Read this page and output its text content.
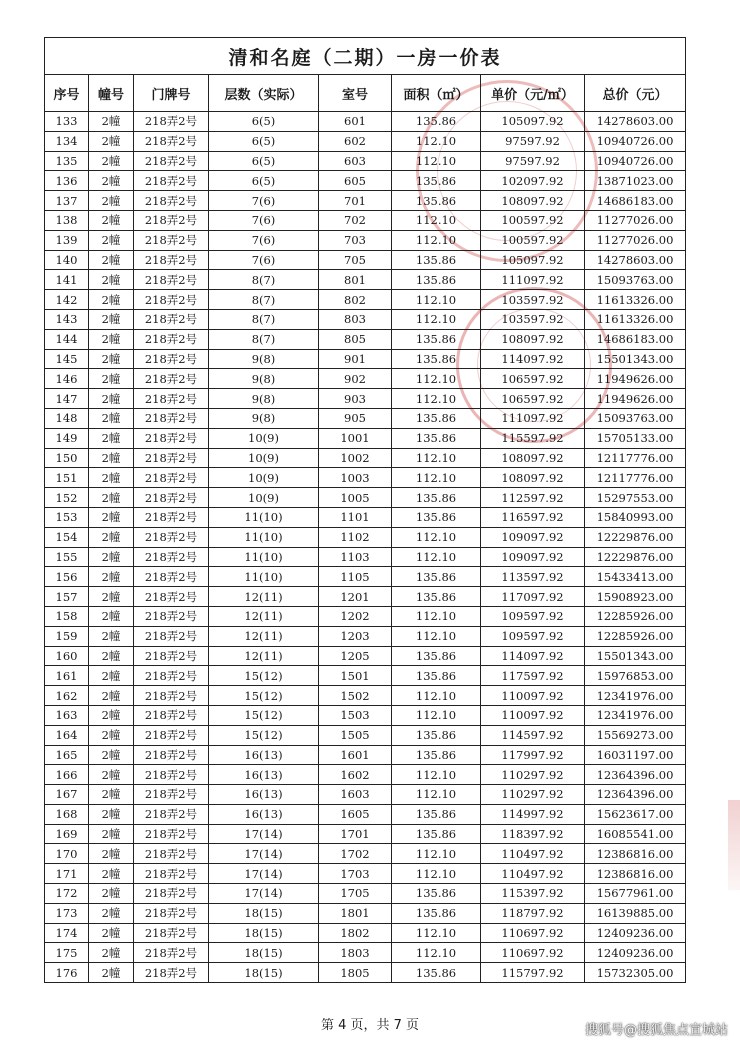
清和名庭（二期）一房一价表							
序号	幢号	门牌号	层数（实际）	室号	面积（㎡）	单价（元/㎡）	总价（元）
133	2幢	218弄2号	6(5)	601	135.86	105097.92	14278603.00
134	2幢	218弄2号	6(5)	602	112.10	97597.92	10940726.00
135	2幢	218弄2号	6(5)	603	112.10	97597.92	10940726.00
136	2幢	218弄2号	6(5)	605	135.86	102097.92	13871023.00
137	2幢	218弄2号	7(6)	701	135.86	108097.92	14686183.00
138	2幢	218弄2号	7(6)	702	112.10	100597.92	11277026.00
139	2幢	218弄2号	7(6)	703	112.10	100597.92	11277026.00
140	2幢	218弄2号	7(6)	705	135.86	105097.92	14278603.00
141	2幢	218弄2号	8(7)	801	135.86	111097.92	15093763.00
142	2幢	218弄2号	8(7)	802	112.10	103597.92	11613326.00
143	2幢	218弄2号	8(7)	803	112.10	103597.92	11613326.00
144	2幢	218弄2号	8(7)	805	135.86	108097.92	14686183.00
145	2幢	218弄2号	9(8)	901	135.86	114097.92	15501343.00
146	2幢	218弄2号	9(8)	902	112.10	106597.92	11949626.00
147	2幢	218弄2号	9(8)	903	112.10	106597.92	11949626.00
148	2幢	218弄2号	9(8)	905	135.86	111097.92	15093763.00
149	2幢	218弄2号	10(9)	1001	135.86	115597.92	15705133.00
150	2幢	218弄2号	10(9)	1002	112.10	108097.92	12117776.00
151	2幢	218弄2号	10(9)	1003	112.10	108097.92	12117776.00
152	2幢	218弄2号	10(9)	1005	135.86	112597.92	15297553.00
153	2幢	218弄2号	11(10)	1101	135.86	116597.92	15840993.00
154	2幢	218弄2号	11(10)	1102	112.10	109097.92	12229876.00
155	2幢	218弄2号	11(10)	1103	112.10	109097.92	12229876.00
156	2幢	218弄2号	11(10)	1105	135.86	113597.92	15433413.00
157	2幢	218弄2号	12(11)	1201	135.86	117097.92	15908923.00
158	2幢	218弄2号	12(11)	1202	112.10	109597.92	12285926.00
159	2幢	218弄2号	12(11)	1203	112.10	109597.92	12285926.00
160	2幢	218弄2号	12(11)	1205	135.86	114097.92	15501343.00
161	2幢	218弄2号	15(12)	1501	135.86	117597.92	15976853.00
162	2幢	218弄2号	15(12)	1502	112.10	110097.92	12341976.00
163	2幢	218弄2号	15(12)	1503	112.10	110097.92	12341976.00
164	2幢	218弄2号	15(12)	1505	135.86	114597.92	15569273.00
165	2幢	218弄2号	16(13)	1601	135.86	117997.92	16031197.00
166	2幢	218弄2号	16(13)	1602	112.10	110297.92	12364396.00
167	2幢	218弄2号	16(13)	1603	112.10	110297.92	12364396.00
168	2幢	218弄2号	16(13)	1605	135.86	114997.92	15623617.00
169	2幢	218弄2号	17(14)	1701	135.86	118397.92	16085541.00
170	2幢	218弄2号	17(14)	1702	112.10	110497.92	12386816.00
171	2幢	218弄2号	17(14)	1703	112.10	110497.92	12386816.00
172	2幢	218弄2号	17(14)	1705	135.86	115397.92	15677961.00
173	2幢	218弄2号	18(15)	1801	135.86	118797.92	16139885.00
174	2幢	218弄2号	18(15)	1802	112.10	110697.92	12409236.00
175	2幢	218弄2号	18(15)	1803	112.10	110697.92	12409236.00
176	2幢	218弄2号	18(15)	1805	135.86	115797.92	15732305.00
第 4 页，共 7 页	搜狐号@搜狐焦点宣城站
